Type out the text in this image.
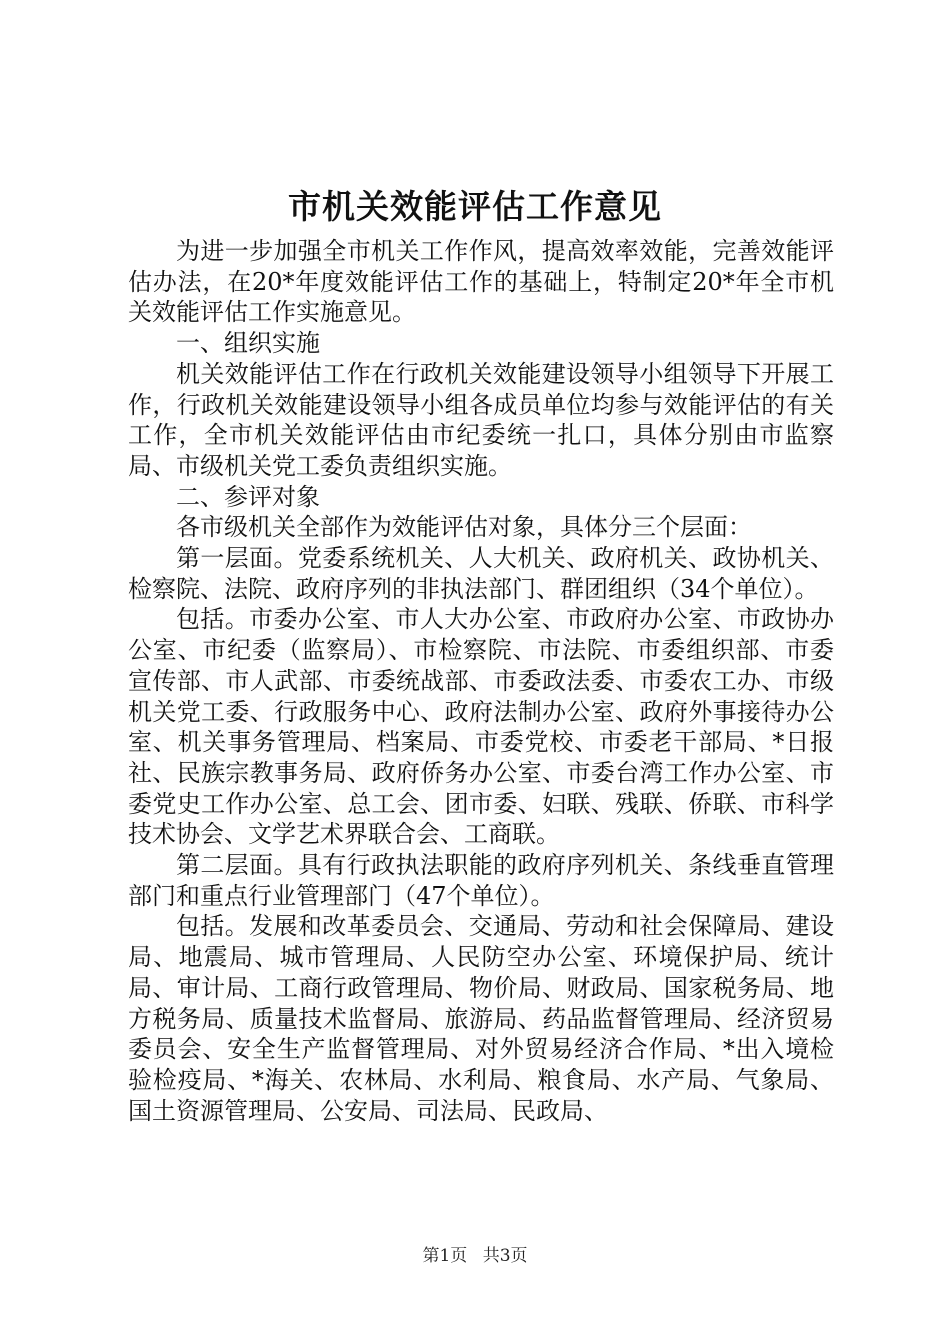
市机关效能评估工作意见

为进一步加强全市机关工作作风，提高效率效能，完善效能评估办法，在20*年度效能评估工作的基础上，特制定20*年全市机关效能评估工作实施意见。

一、组织实施

机关效能评估工作在行政机关效能建设领导小组领导下开展工作，行政机关效能建设领导小组各成员单位均参与效能评估的有关工作，全市机关效能评估由市纪委统一扎口，具体分别由市监察局、市级机关党工委负责组织实施。

二、参评对象

各市级机关全部作为效能评估对象，具体分三个层面：

第一层面。党委系统机关、人大机关、政府机关、政协机关、检察院、法院、政府序列的非执法部门、群团组织（34个单位）。

包括。市委办公室、市人大办公室、市政府办公室、市政协办公室、市纪委（监察局）、市检察院、市法院、市委组织部、市委宣传部、市人武部、市委统战部、市委政法委、市委农工办、市级机关党工委、行政服务中心、政府法制办公室、政府外事接待办公室、机关事务管理局、档案局、市委党校、市委老干部局、*日报社、民族宗教事务局、政府侨务办公室、市委台湾工作办公室、市委党史工作办公室、总工会、团市委、妇联、残联、侨联、市科学技术协会、文学艺术界联合会、工商联。

第二层面。具有行政执法职能的政府序列机关、条线垂直管理部门和重点行业管理部门（47个单位）。

包括。发展和改革委员会、交通局、劳动和社会保障局、建设局、地震局、城市管理局、人民防空办公室、环境保护局、统计局、审计局、工商行政管理局、物价局、财政局、国家税务局、地方税务局、质量技术监督局、旅游局、药品监督管理局、经济贸易委员会、安全生产监督管理局、对外贸易经济合作局、*出入境检验检疫局、*海关、农林局、水利局、粮食局、水产局、气象局、国土资源管理局、公安局、司法局、民政局、

第1页 共3页
